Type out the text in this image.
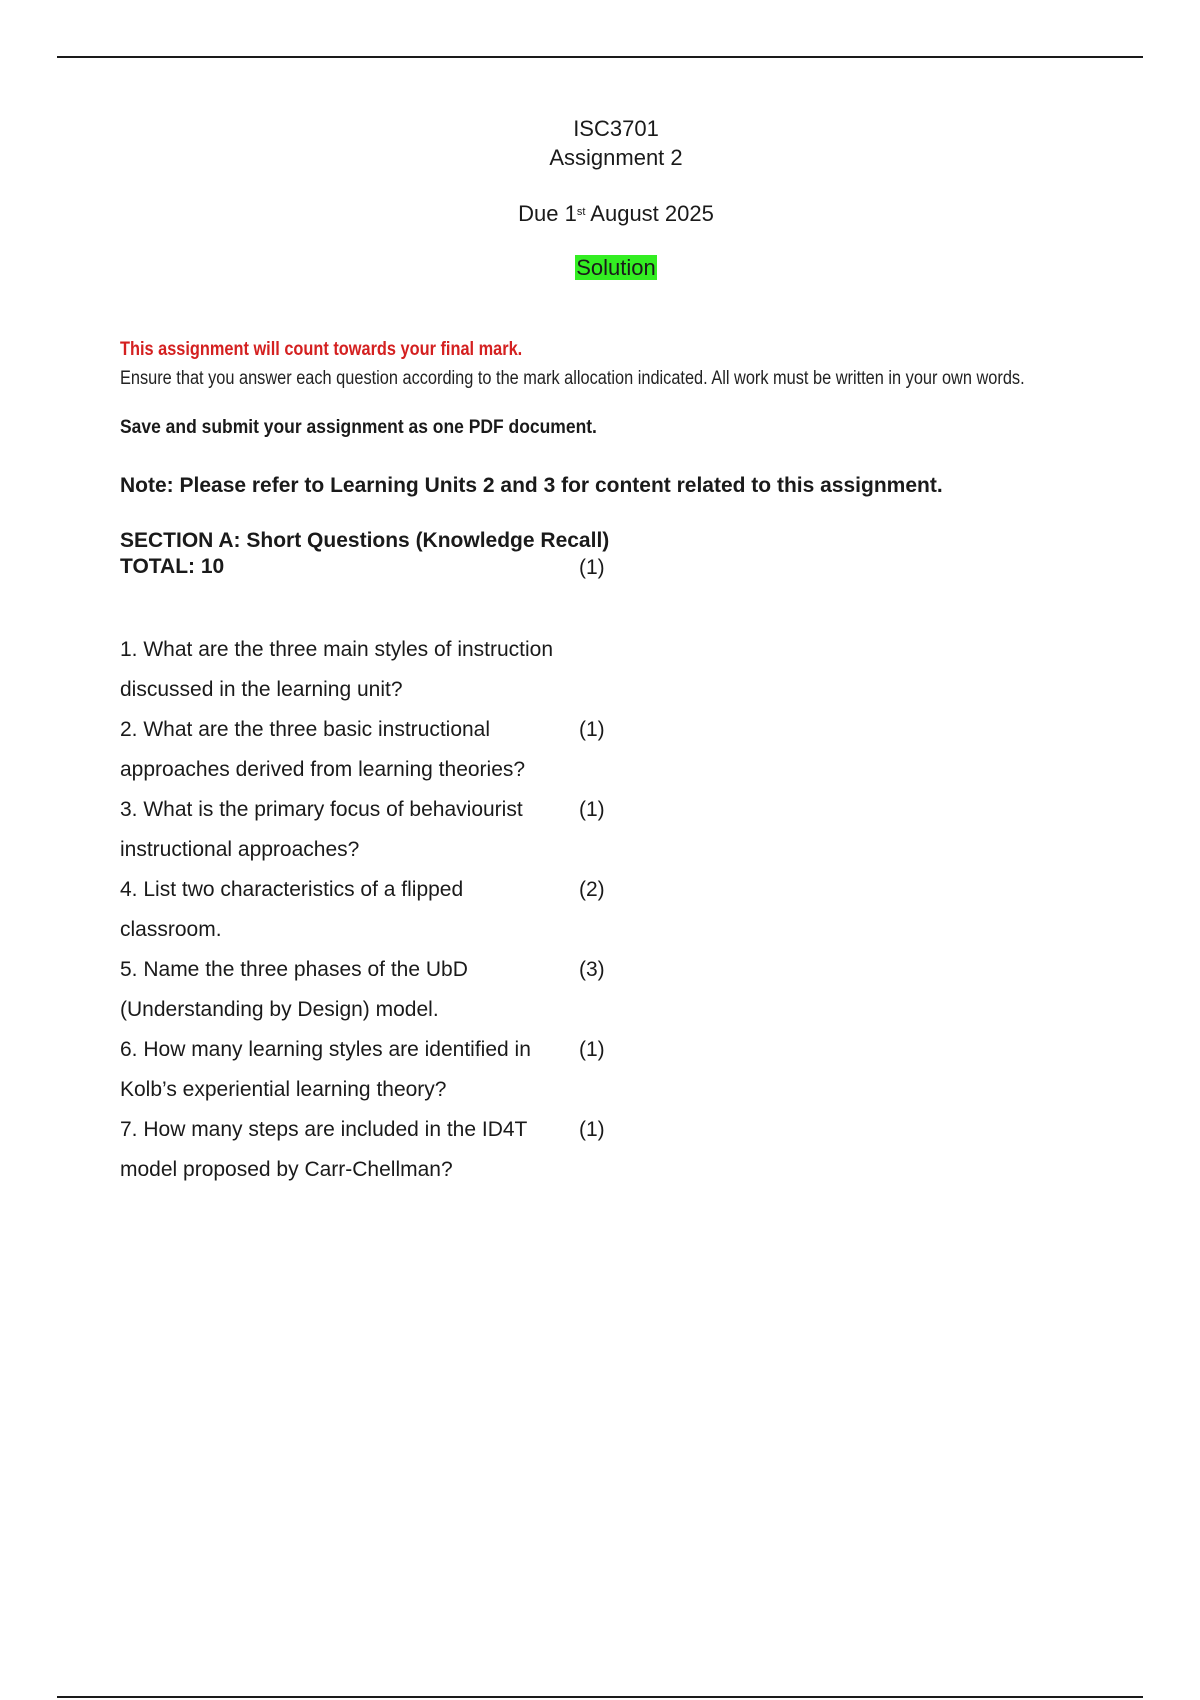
ISC3701
Assignment 2
Due 1st August 2025
Solution
This assignment will count towards your final mark.
Ensure that you answer each question according to the mark allocation indicated. All work must be written in your own words.
Save and submit your assignment as one PDF document.
Note: Please refer to Learning Units 2 and 3 for content related to this assignment.
SECTION A: Short Questions (Knowledge Recall)
TOTAL: 10	(1)
1. What are the three main styles of instruction discussed in the learning unit?
2. What are the three basic instructional approaches derived from learning theories?
(1)
3. What is the primary focus of behaviourist instructional approaches?
(1)
4. List two characteristics of a flipped classroom.
(2)
5. Name the three phases of the UbD (Understanding by Design) model.
(3)
6. How many learning styles are identified in Kolb’s experiential learning theory?
(1)
7. How many steps are included in the ID4T model proposed by Carr-Chellman?
(1)
